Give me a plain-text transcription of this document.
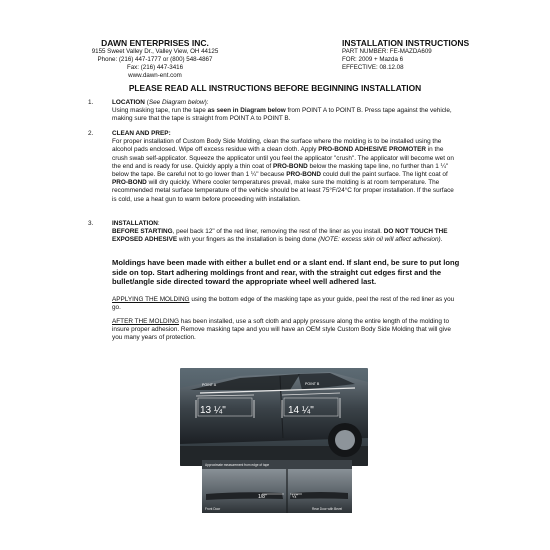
DAWN ENTERPRISES INC.
9155 Sweet Valley Dr., Valley View, OH 44125
Phone: (216) 447-1777 or (800) 548-4867
Fax: (216) 447-3416
www.dawn-ent.com
INSTALLATION INSTRUCTIONS
PART NUMBER: FE-MAZDA609
FOR: 2009 + Mazda 6
EFFECTIVE: 08.12.08
PLEASE READ ALL INSTRUCTIONS BEFORE BEGINNING INSTALLATION
1.	LOCATION (See Diagram below):
Using masking tape, run the tape as seen in Diagram below from POINT A to POINT B. Press tape against the vehicle, making sure that the tape is straight from POINT A to POINT B.
2.	CLEAN AND PREP:
For proper installation of Custom Body Side Molding, clean the surface where the molding is to be installed using the alcohol pads enclosed. Wipe off excess residue with a clean cloth. Apply PRO-BOND ADHESIVE PROMOTER in the crush swab self-applicator. Squeeze the applicator until you feel the applicator "crush". The applicator will become wet on the end and is ready for use. Quickly apply a thin coat of PRO-BOND below the masking tape line, no further than 1 ¼" below the tape. Be careful not to go lower than 1 ¼" because PRO-BOND could dull the paint surface. The light coat of PRO-BOND will dry quickly. Where cooler temperatures prevail, make sure the molding is at room temperature. The recommended metal surface temperature of the vehicle should be at least 75°F/24°C for proper installation. If the surface is cold, use a heat gun to warm before proceeding with installation.
3.	INSTALLATION:
BEFORE STARTING, peel back 12" of the red liner, removing the rest of the liner as you install. DO NOT TOUCH THE EXPOSED ADHESIVE with your fingers as the installation is being done (NOTE: excess skin oil will affect adhesion).
Moldings have been made with either a bullet end or a slant end. If slant end, be sure to put long side on top. Start adhering moldings front and rear, with the straight cut edges first and the bullet/angle side directed toward the appropriate wheel well adhered last.
APPLYING THE MOLDING using the bottom edge of the masking tape as your guide, peel the rest of the red liner as you go.
AFTER THE MOLDING has been installed, use a soft cloth and apply pressure along the entire length of the molding to insure proper adhesion. Remove masking tape and you will have an OEM style Custom Body Side Molding that will give you many years of protection.
POINT A	POINT B
13 ¼"	14 ¼"
Approximate measurement from edge of tape
1/8"	¼"
Front Door	Rear Door with Bevel
